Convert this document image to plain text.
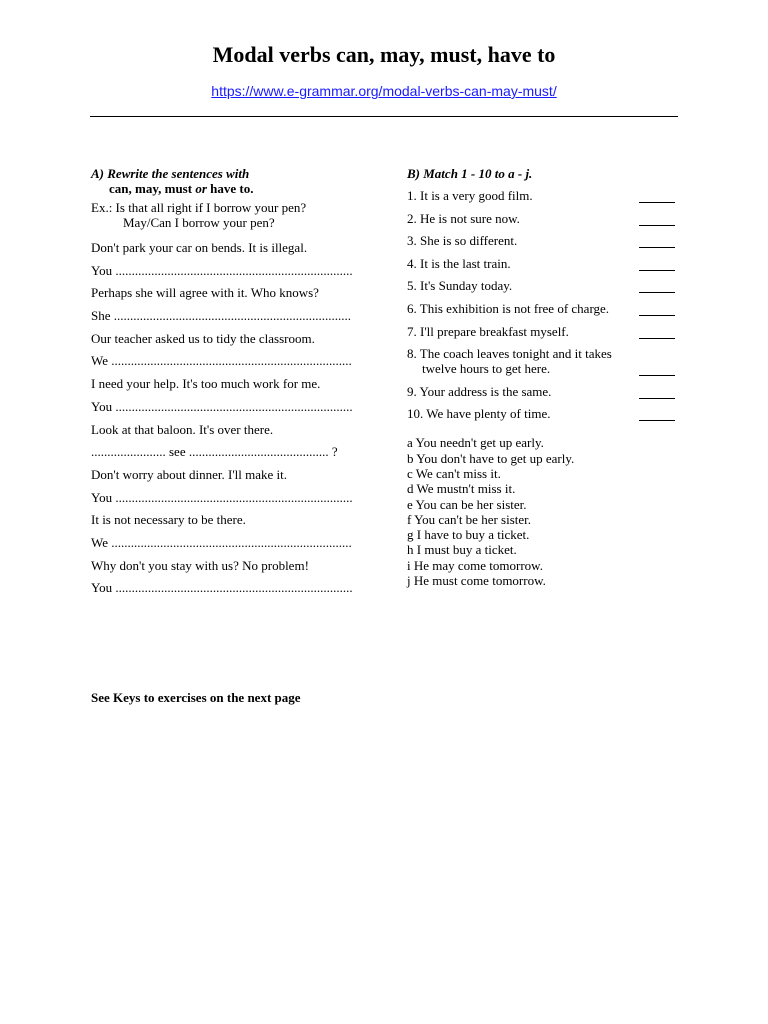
Modal verbs can, may, must, have to
https://www.e-grammar.org/modal-verbs-can-may-must/
A) Rewrite the sentences with
can, may, must or have to.
Ex.: Is that all right if I borrow your pen?
May/Can I borrow your pen?
Don't park your car on bends. It is illegal.
You .........................................................................
Perhaps she will agree with it. Who knows?
She .........................................................................
Our teacher asked us to tidy the classroom.
We ..........................................................................
I need your help. It's too much work for me.
You .........................................................................
Look at that baloon. It's over there.
....................... see ........................................... ?
Don't worry about dinner. I'll make it.
You .........................................................................
It is not necessary to be there.
We ..........................................................................
Why don't you stay with us? No problem!
You .........................................................................
B) Match 1 - 10 to a - j.
1. It is a very good film.
2. He is not sure now.
3. She is so different.
4. It is the last train.
5. It's Sunday today.
6. This exhibition is not free of charge.
7. I'll prepare breakfast myself.
8. The coach leaves tonight and it takes
twelve hours to get here.
9. Your address is the same.
10. We have plenty of time.
a You needn't get up early.
b You don't have to get up early.
c We can't miss it.
d We mustn't miss it.
e You can be her sister.
f You can't be her sister.
g I have to buy a ticket.
h I must buy a ticket.
i He may come tomorrow.
j He must come tomorrow.
See Keys to exercises on the next page
